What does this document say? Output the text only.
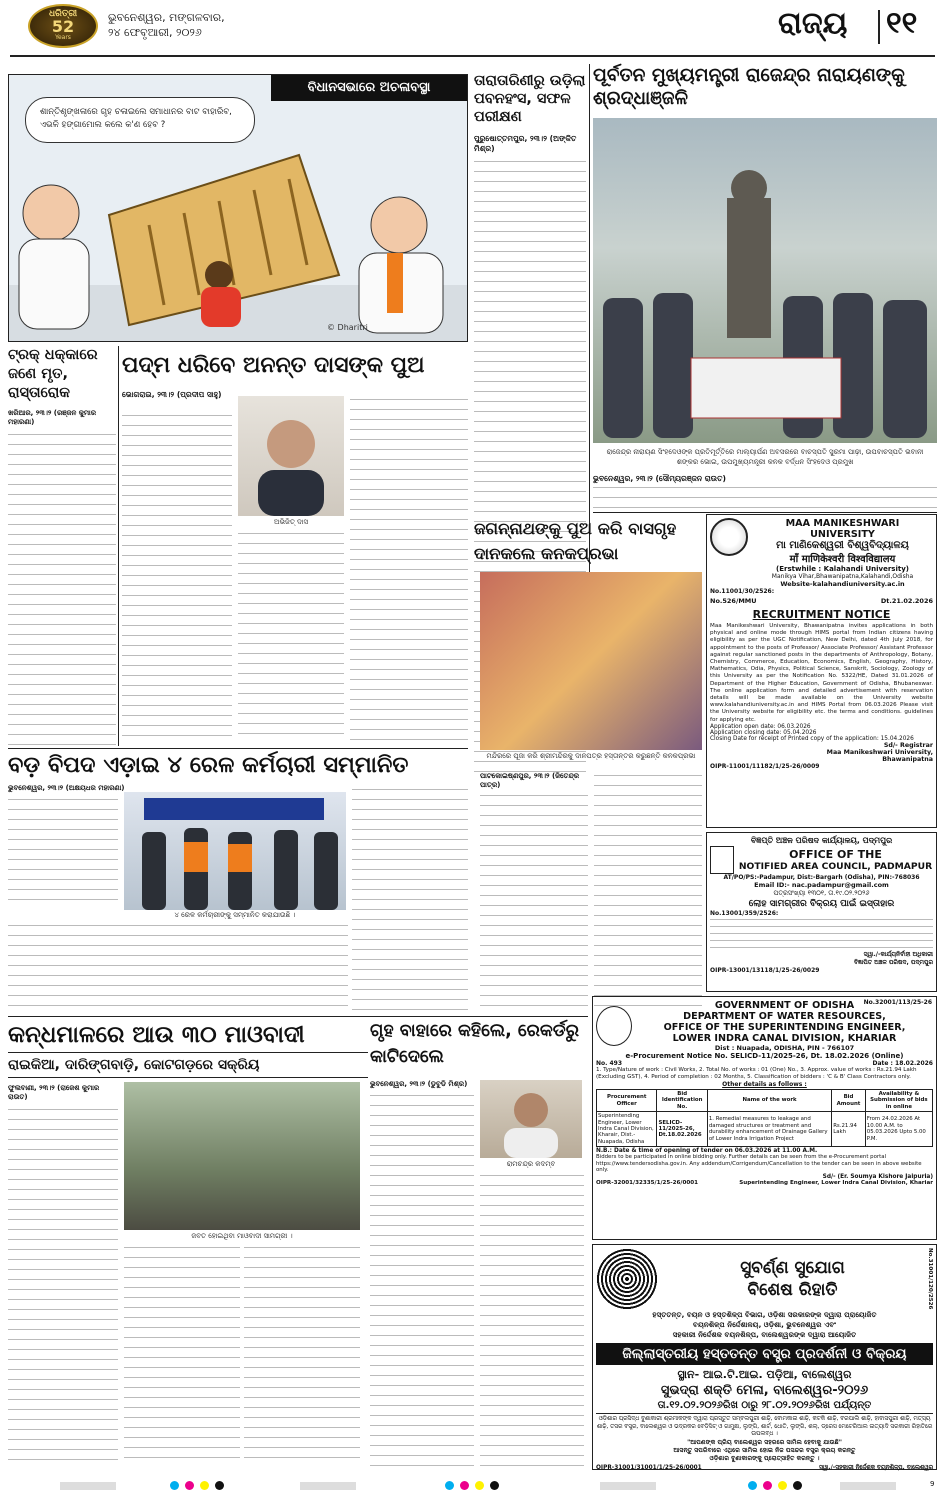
ଧରିତ୍ରୀ
52
Years
ଭୁବନେଶ୍ୱର, ମଙ୍ଗଳବାର,
୨୪ ଫେବୃଆରୀ, ୨୦୨୬	ରାଜ୍ୟ ୧୧
ବିଧାନସଭାରେ ଅଚଳାବସ୍ଥା
ଶାନ୍ତିଶୃଙ୍ଖଳାରେ ଗୃହ ଚଳାଇଲେ ସମାଧାନର ବାଟ ବାହାରିବ, ଏଭଳି ହଙ୍ଗାମୋଲ କଲେ କ'ଣ ହେବ ?
© Dharitri
ତାରାତାରିଣୀରୁ ଉଡ଼ିଲା ପବନହଂସ, ସଫଳ ପରୀକ୍ଷଣ
ପୁରୁଷୋତ୍ତମପୁର, ୨୩।୨ (ଅଙ୍କିତ ମିଶ୍ର)
ପୂର୍ବତନ ମୁଖ୍ୟମନ୍ତ୍ରୀ ରାଜେନ୍ଦ୍ର ନାରାୟଣଙ୍କୁ ଶ୍ରଦ୍ଧାଞ୍ଜଳି
ରାଜେନ୍ଦ୍ର ନାରାୟଣ ସିଂହଦେଓଙ୍କ ପ୍ରତିମୂର୍ତ୍ତିରେ ମାଲ୍ୟାର୍ପଣ ଅବସରରେ ବାଚସ୍ପତି ସୁରମା ପାଢ଼ୀ, ଉପବାଚସ୍ପତି ଭବାନୀ ଶଙ୍କର ଭୋଇ, ଉପମୁଖ୍ୟମନ୍ତ୍ରୀ କନକ ବର୍ଦ୍ଧନ ସିଂହଦେଓ ପ୍ରମୁଖ
ଭୁବନେଶ୍ୱର, ୨୩।୨ (ସୌମ୍ୟରଞ୍ଜନ ରାଉତ)
ଟ୍ରକ୍ ଧକ୍କାରେ ଜଣେ ମୃତ, ରାସ୍ତାରୋକ
ଖରିଆର, ୨୩।୨ (ରଞ୍ଜନ କୁମାର ମହାରଣା)
ପଦ୍ମ ଧରିବେ ଅନନ୍ତ ଦାସଙ୍କ ପୁଅ
ଭୋଗରାଇ, ୨୩।୨ (ପ୍ରଦୀପ ସାହୁ)
ଅଭିଜିତ୍ ଦାସ	ଜଗନ୍ନାଥଙ୍କୁ ପୁଅ କରି ବାସଗୃହ ଦାନକଲେ କନକପ୍ରଭା
ମନ୍ଦିରରେ ପୂଜା କରି ଶ୍ରୀମନ୍ଦିରକୁ ଦାନପତ୍ର ହସ୍ତାନ୍ତର କରୁଛନ୍ତି କନକପ୍ରଭା
ପାଟକୋଇଷ୍ଣପୁର, ୨୩।୨ (ଜିତେନ୍ଦ୍ର ପାତ୍ର)
MAA MANIKESHWARI UNIVERSITY
ମା ମାଣିକେଶ୍ୱରୀ ବିଶ୍ୱବିଦ୍ୟାଳୟ
माँ माणिकेश्वरी विश्वविद्यालय
(Erstwhile : Kalahandi University)
Manikya Vihar,Bhawanipatna,Kalahandi,Odisha
Website-kalahandiuniversity.ac.in
No.11001/30/2526:
No.526/MMU	Dt.21.02.2026
RECRUITMENT NOTICE
Maa Manikeshwari University, Bhawanipatna invites applications in both physical and online mode through HIMS portal from Indian citizens having eligibility as per the UGC Notification, New Delhi, dated 4th July 2018, for appointment to the posts of Professor/ Associate Professor/ Assistant Professor against regular sanctioned posts in the departments of Anthropology, Botany, Chemistry, Commerce, Education, Economics, English, Geography, History, Mathematics, Odia, Physics, Political Science, Sanskrit, Sociology, Zoology of this University as per the Notification No. 5322/HE, Dated 31.01.2026 of Department of the Higher Education, Government of Odisha, Bhubaneswar. The online application form and detailed advertisement with reservation details will be made available on the University website www.kalahandiuniversity.ac.in and HIMS Portal from 06.03.2026 Please visit the University website for eligibility etc. the terms and conditions. guidelines for applying etc.
Application open date: 06.03.2026
Application closing date: 05.04.2026
Closing Date for receipt of Printed copy of the application: 15.04.2026
Sd/- Registrar
Maa Manikeshwari University,
Bhawanipatna
OIPR-11001/11182/1/25-26/0009
ବଡ଼ ବିପଦ ଏଡ଼ାଇ ୪ ରେଳ କର୍ମଚାରୀ ସମ୍ମାନିତ
ଭୁବନେଶ୍ୱର, ୨୩।୨ (ଅକ୍ଷୟଧର ମହାରଣା)
୪ ରେଳ କର୍ମଚାରୀଙ୍କୁ ସମ୍ମାନିତ କରାଯାଉଛି ।
ବିଜ୍ଞପ୍ତି ଅଞ୍ଚଳ ପରିଷଦ କାର୍ଯ୍ୟାଳୟ, ପଦ୍ମପୁର
OFFICE OF THE
NOTIFIED AREA COUNCIL, PADMAPUR
AT/PO/PS:-Padampur, Dist:-Bargarh (Odisha), PIN:-768036
Email ID:- nac.padampur@gmail.com
ପତ୍ରସଂଖ୍ୟା ୧୩୦୧, ତା.୧୯.୦୨.୨୦୨୬
ଲୋହ ସାମଗ୍ରୀର ବିକ୍ରୟ ପାଇଁ ଇସ୍ତାହାର
No.13001/359/2526:
ସ୍ୱା./-କାର୍ଯ୍ୟନିର୍ବାହୀ ଅଧିକାରୀ
ବିଜ୍ଞାପିତ ଅଞ୍ଚଳ ପରିଷଦ, ପଦ୍ମପୁର
OIPR-13001/13118/1/25-26/0029
କନ୍ଧମାଳରେ ଆଉ ୩୦ ମାଓବାଦୀ
ରାଇକିଆ, ଦାରିଙ୍ଗବାଡ଼ି, କୋଟଗଡ଼ରେ ସକ୍ରିୟ
ଫୁଲବାଣୀ, ୨୩।୨ (ରାଜେଶ କୁମାର ରାଉତ)
ଜବତ ହୋଇଥିବା ମାଓବାଦୀ ସାମଗ୍ରୀ ।
ଗୃହ ବାହାରେ କହିଲେ, ରେକର୍ଡରୁ କାଟିଦେଲେ
ଭୁବନେଶ୍ୱର, ୨୩।୨ (ଡୁବୁଡି ମିଶ୍ର)
ରାମଚନ୍ଦ୍ର କଦମ୍ବ
No.32001/113/25-26
GOVERNMENT OF ODISHA
DEPARTMENT OF WATER RESOURCES,
OFFICE OF THE SUPERINTENDING ENGINEER,
LOWER INDRA CANAL DIVISION, KHARIAR
Dist : Nuapada, ODISHA, PIN - 766107
e-Procurement Notice No. SELICD-11/2025-26, Dt. 18.02.2026 (Online)
No. 493	Date : 18.02.2026
1. Type/Nature of work : Civil Works, 2. Total No. of works : 01 (One) No., 3. Approx. value of works : Rs.21.94 Lakh (Excluding GST), 4. Period of completion : 02 Months, 5. Classification of bidders : 'C & B' Class Contractors only.
Other details as follows :
Procurement Officer	Bid Identification No.	Name of the work	Bid Amount	Availability & Submission of bids in online
Superintending Engineer, Lower Indra Canal Division, Kharair, Dist.-Nuapada, Odisha	SELICD-11/2025-26, Dt.18.02.2026	1. Remedial measures to leakage and damaged structures or treatment and durability enhancement of Drainage Gallery of Lower Indra Irrigation Project	Rs.21.94 Lakh	From 24.02.2026 At 10.00 A.M. to 05.03.2026 Upto 5.00 P.M.
N.B.: Date & time of opening of tender on 06.03.2026 at 11.00 A.M.
Bidders to be participated in online bidding only. Further details can be seen from the e-Procurement portal https://www.tendersodisha.gov.in. Any addendum/Corrigendum/Cancellation to the tender can be seen in above website only.
Sd/- (Er. Soumya Kishore Jaipuria)
OIPR-32001/32335/1/25-26/0001	Superintending Engineer, Lower Indra Canal Division, Khariar
ସୁବର୍ଣ୍ଣ ସୁଯୋଗ
ବିଶେଷ ରିହାତି	No.31001/120/2526
ହସ୍ତତନ୍ତ, ବୟନ ଓ ହସ୍ତଶିଳ୍ପ ବିଭାଗ, ଓଡ଼ିଶା ସରକାରଙ୍କ ଦ୍ୱାରା ପ୍ରାୟୋଜିତ
ବୟନଶିଳ୍ପ ନିର୍ଦ୍ଦେଶାଳୟ, ଓଡ଼ିଶା, ଭୁବନେଶ୍ୱର ଏବଂ
ସହକାରୀ ନିର୍ଦ୍ଦେଶକ ବୟନଶିଳ୍ପ, ବାଲେଶ୍ୱରଙ୍କ ଦ୍ୱାରା ଆୟୋଜିତ
ଜିଲ୍ଲାସ୍ତରୀୟ ହସ୍ତତନ୍ତ ବସ୍ତ୍ର ପ୍ରଦର୍ଶନୀ ଓ ବିକ୍ରୟ
ସ୍ଥାନ- ଆଇ.ଟି.ଆଇ. ପଡ଼ିଆ, ବାଲେଶ୍ୱର
ସୁଭଦ୍ରା ଶକ୍ତି ମେଳା, ବାଲେଶ୍ୱର-୨୦୨୬
ତା.୧୨.୦୨.୨୦୨୬ରିଖ ଠାରୁ ୨୮.୦୨.୨୦୨୬ରିଖ ପର୍ଯ୍ୟନ୍ତ
ଓଡ଼ିଶାର ପ୍ରସିଦ୍ଧ ବୁଣାକାରୀ ଶ୍ରମୀକଙ୍କ ଦ୍ୱାରା ପ୍ରସ୍ତୁତ ସମ୍ବଲପୁରୀ ଶାଢ଼ି, ବୋମକାଇ ଶାଢ଼ି, କଟକି ଶାଢ଼ି, ବରପାଲି ଶାଢ଼ି, ହାବାସପୁରୀ ଶାଢ଼ି, ମତ୍ସ୍ୟ ଶାଢ଼ି, ତସର ବସ୍ତ୍ର, ବାଲେଶ୍ୱର ଓ ଭଦ୍ରକର ବେଡ଼ିସିଟ୍ ଓ ଗାମୁଛା, ଲୁଙ୍ଗି, ଶାର୍ଟ, ଧୋତି, ଲୁଙ୍ଗି, ଶଲ୍, ଡ୍ରେସ ମେଟେରିଆଲ ଇତ୍ୟାଦି ସରକାରୀ ରିହାତିରେ ଉପଲବ୍ଧ ।
"ଆପଣଙ୍କ ପ୍ରିୟ ବାଲେଶ୍ୱର ସହରରେ ସାମିଲ ହେବାକୁ ଯାଉଛି"
ଆସନ୍ତୁ ସପରିବାରେ ଏଥିରେ ସାମିଲ ହୋଇ ନିଜ ପସନ୍ଦର ବସ୍ତ୍ର କ୍ରୟ କରନ୍ତୁ
ଓଡ଼ିଶାର ବୁଣାକାରଙ୍କୁ ପ୍ରୋତ୍ସାହିତ କରନ୍ତୁ ।
OIPR-31001/31001/1/25-26/0001	ସ୍ୱା./-ସହକାରୀ ନିର୍ଦ୍ଦେଶକ ବୟନଶିଳ୍ପ, ବାଲେଶ୍ୱର
9
